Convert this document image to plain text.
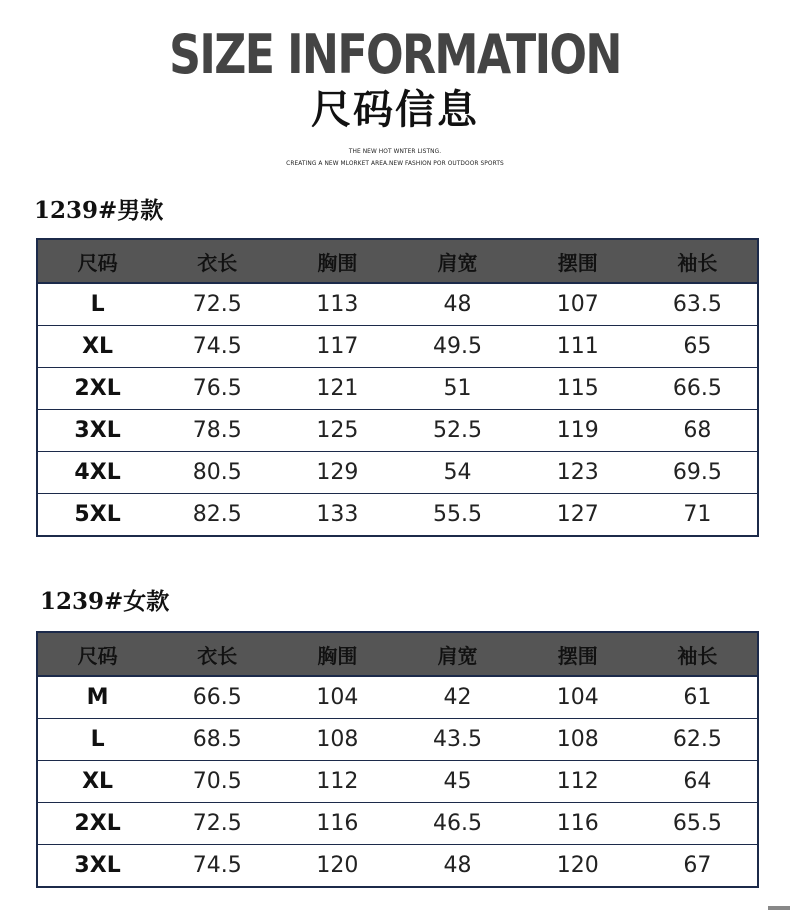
SIZE INFORMATION
尺码信息
THE NEW HOT WNTER LISTNG.
CREATING A NEW MLORKET AREA.NEW FASHION POR OUTDOOR SPORTS
1239#男款
尺码	衣长	胸围	肩宽	摆围	袖长
L	72.5	113	48	107	63.5
XL	74.5	117	49.5	111	65
2XL	76.5	121	51	115	66.5
3XL	78.5	125	52.5	119	68
4XL	80.5	129	54	123	69.5
5XL	82.5	133	55.5	127	71
1239#女款
尺码	衣长	胸围	肩宽	摆围	袖长
M	66.5	104	42	104	61
L	68.5	108	43.5	108	62.5
XL	70.5	112	45	112	64
2XL	72.5	116	46.5	116	65.5
3XL	74.5	120	48	120	67
